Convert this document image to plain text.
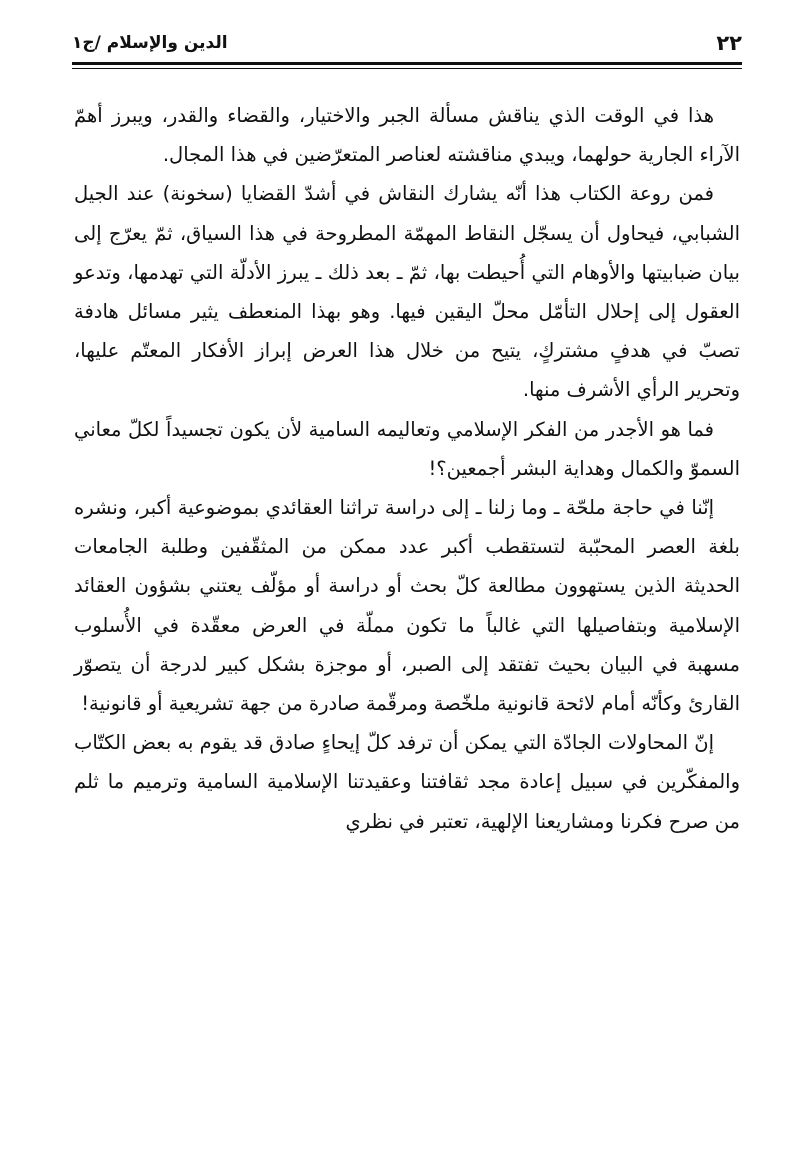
٢٢
الدين والإسلام /ج١

هذا في الوقت الذي يناقش مسألة الجبر والاختيار، والقضاء والقدر، ويبرز أهمّ الآراء الجارية حولهما، ويبدي مناقشته لعناصر المتعرّضين في هذا المجال.

فمن روعة الكتاب هذا أنّه يشارك النقاش في أشدّ القضايا (سخونة) عند الجيل الشبابي، فيحاول أن يسجّل النقاط المهمّة المطروحة في هذا السياق، ثمّ يعرّج إلى بيان ضبابيتها والأوهام التي أُحيطت بها، ثمّ ـ بعد ذلك ـ يبرز الأدلّة التي تهدمها، وتدعو العقول إلى إحلال التأمّل محلّ اليقين فيها. وهو بهذا المنعطف يثير مسائل هادفة تصبّ في هدفٍ مشتركٍ، يتيح من خلال هذا العرض إبراز الأفكار المعتّم عليها، وتحرير الرأي الأشرف منها.

فما هو الأجدر من الفكر الإسلامي وتعاليمه السامية لأن يكون تجسيداً لكلّ معاني السموّ والكمال وهداية البشر أجمعين؟!

إنّنا في حاجة ملحّة ـ وما زلنا ـ إلى دراسة تراثنا العقائدي بموضوعية أكبر، ونشره بلغة العصر المحبّبة لتستقطب أكبر عدد ممكن من المثقّفين وطلبة الجامعات الحديثة الذين يستهوون مطالعة كلّ بحث أو دراسة أو مؤلّف يعتني بشؤون العقائد الإسلامية وبتفاصيلها التي غالباً ما تكون مملّة في العرض معقّدة في الأُسلوب مسهبة في البيان بحيث تفتقد إلى الصبر، أو موجزة بشكل كبير لدرجة أن يتصوّر القارئ وكأنّه أمام لائحة قانونية ملخّصة ومرقّمة صادرة من جهة تشريعية أو قانونية!

إنّ المحاولات الجادّة التي يمكن أن ترفد كلّ إيحاءٍ صادق قد يقوم به بعض الكتّاب والمفكّرين في سبيل إعادة مجد ثقافتنا وعقيدتنا الإسلامية السامية وترميم ما ثلم من صرح فكرنا ومشاريعنا الإلهية، تعتبر في نظري
